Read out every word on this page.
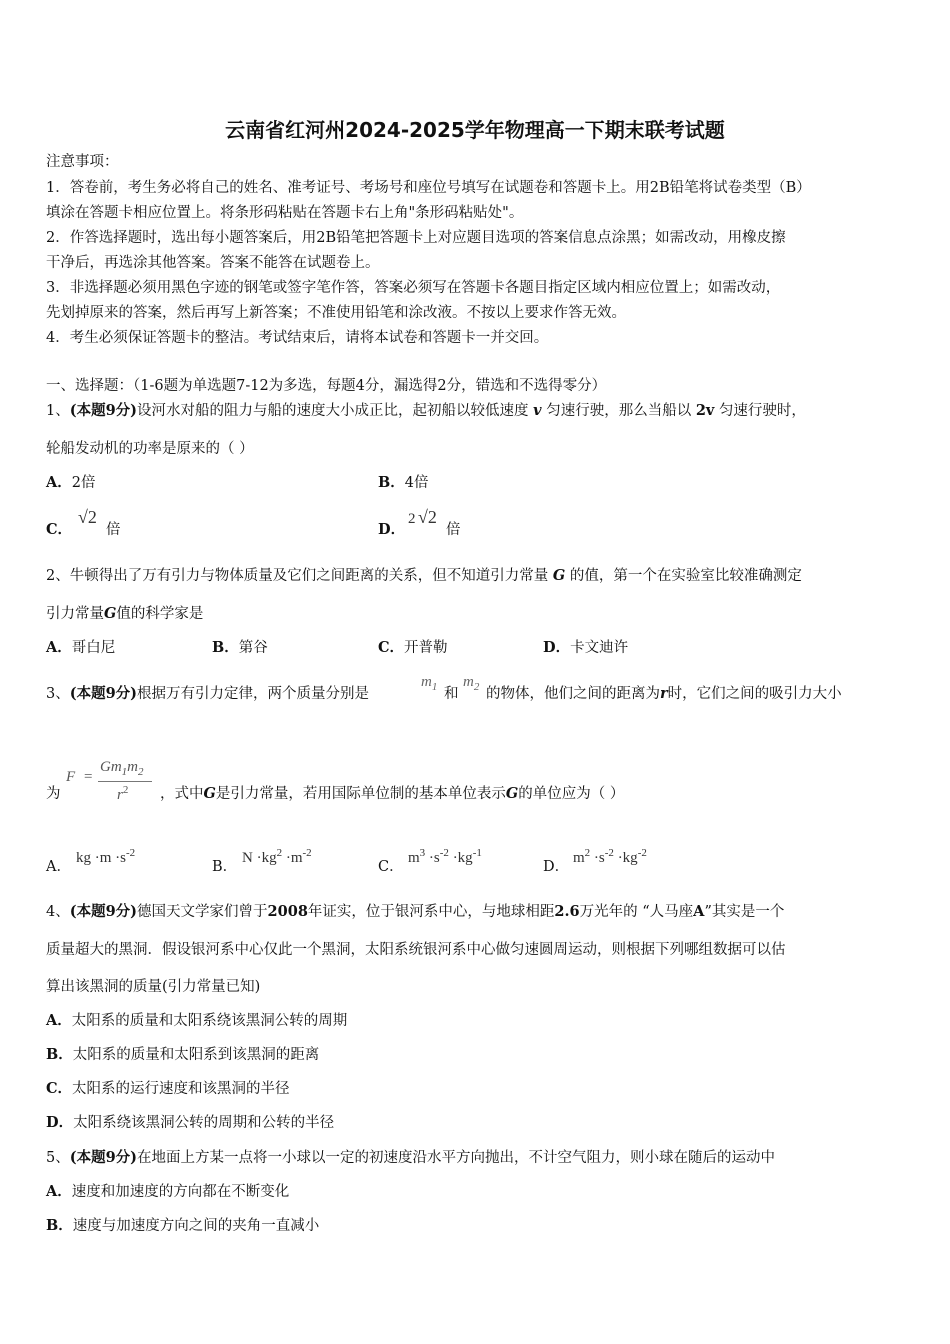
云南省红河州2024-2025学年物理高一下期末联考试题
注意事项：
1．答卷前，考生务必将自己的姓名、准考证号、考场号和座位号填写在试题卷和答题卡上。用2B铅笔将试卷类型（B）
填涂在答题卡相应位置上。将条形码粘贴在答题卡右上角"条形码粘贴处"。
2．作答选择题时，选出每小题答案后，用2B铅笔把答题卡上对应题目选项的答案信息点涂黑；如需改动，用橡皮擦
干净后，再选涂其他答案。答案不能答在试题卷上。
3．非选择题必须用黑色字迹的钢笔或签字笔作答，答案必须写在答题卡各题目指定区域内相应位置上；如需改动，
先划掉原来的答案，然后再写上新答案；不准使用铅笔和涂改液。不按以上要求作答无效。
4．考生必须保证答题卡的整洁。考试结束后，请将本试卷和答题卡一并交回。
一、选择题：（1-6题为单选题7-12为多选，每题4分，漏选得2分，错选和不选得零分）
1、(本题9分)设河水对船的阻力与船的速度大小成正比，起初船以较低速度 v 匀速行驶，那么当船以 2v 匀速行驶时，
轮船发动机的功率是原来的（ ）
A．2倍	B．4倍
C．
√2
倍	D．
2 √2
倍
2、牛顿得出了万有引力与物体质量及它们之间距离的关系，但不知道引力常量 G 的值，第一个在实验室比较准确测定
引力常量G值的科学家是
A．哥白尼	B．第谷	C．开普勒	D．卡文迪许
3、(本题9分)根据万有引力定律，两个质量分别是
$m_1$ 和
$m_2$ 的物体，他们之间的距离为r时，它们之间的吸引力大小
为
F =
$Gm_1m_2$
$r^2$ ，式中G是引力常量，若用国际单位制的基本单位表示G的单位应为（ ）
A．
kg $\cdot m \cdot s^{-2}$
B．
$N \cdot kg^2 \cdot m^{-2}$
C．
$m^3 \cdot s^{-2} \cdot kg^{-1}$
D．
$m^2 \cdot s^{-2} \cdot kg^{-2}$
4、(本题9分)德国天文学家们曾于2008年证实，位于银河系中心，与地球相距2.6万光年的 “人马座A”其实是一个
质量超大的黑洞．假设银河系中心仅此一个黑洞，太阳系统银河系中心做匀速圆周运动，则根据下列哪组数据可以估
算出该黑洞的质量(引力常量已知)
A．太阳系的质量和太阳系绕该黑洞公转的周期
B．太阳系的质量和太阳系到该黑洞的距离
C．太阳系的运行速度和该黑洞的半径
D．太阳系绕该黑洞公转的周期和公转的半径
5、(本题9分)在地面上方某一点将一小球以一定的初速度沿水平方向抛出，不计空气阻力，则小球在随后的运动中
A．速度和加速度的方向都在不断变化
B．速度与加速度方向之间的夹角一直减小
